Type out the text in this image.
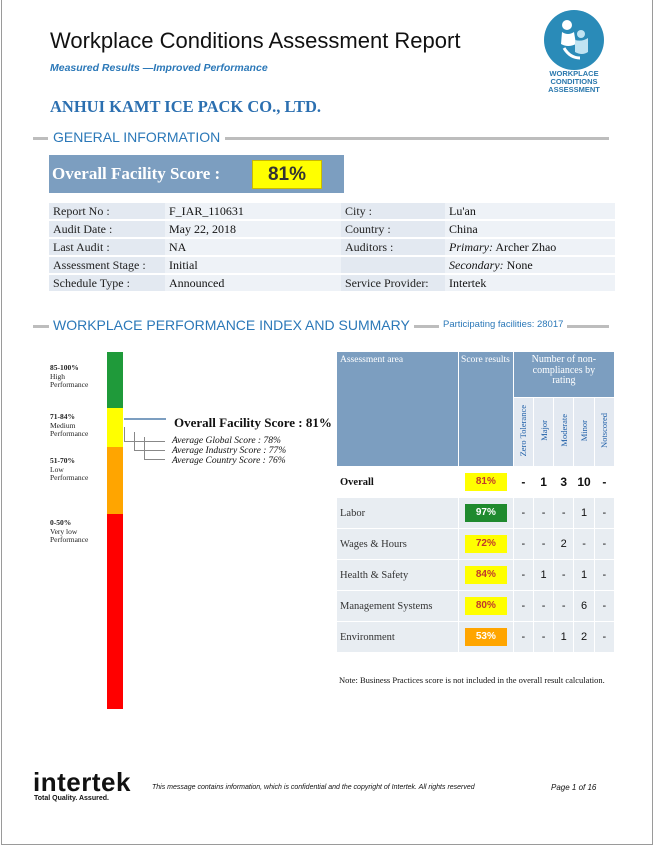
Workplace Conditions Assessment Report
Measured Results —Improved Performance	WORKPLACE
CONDITIONS
ASSESSMENT
ANHUI KAMT ICE PACK CO., LTD.
GENERAL INFORMATION
Overall Facility Score :	81%
Report No :	F_IAR_110631	City :	Lu'an
Audit Date :	May 22, 2018	Country :	China
Last Audit :	NA	Auditors :	Primary: Archer Zhao
Assessment Stage :	Initial		Secondary: None
Schedule Type :	Announced	Service Provider:	Intertek
WORKPLACE PERFORMANCE INDEX AND SUMMARY	Participating facilities: 28017
85-100%
High
Performance
71-84%
Medium
Performance
51-70%
Low
Performance
0-50%
Very low
Performance
Overall Facility Score : 81%
Average Global Score : 78%
Average Industry Score : 77%
Average Country Score : 76%
Assessment area	Score results	Number of non-compliances by rating				
		Zero Tolerance	Major	Moderate	Minor	Notscored
Overall	81%	-	1	3	10	-
Labor	97%	-	-	-	1	-
Wages & Hours	72%	-	-	2	-	-
Health & Safety	84%	-	1	-	1	-
Management Systems	80%	-	-	-	6	-
Environment	53%	-	-	1	2	-
Note: Business Practices score is not included in the overall result calculation.
intertek
Total Quality. Assured.
This message contains information, which is confidential and the copyright of Intertek. All rights reserved	Page 1 of 16
